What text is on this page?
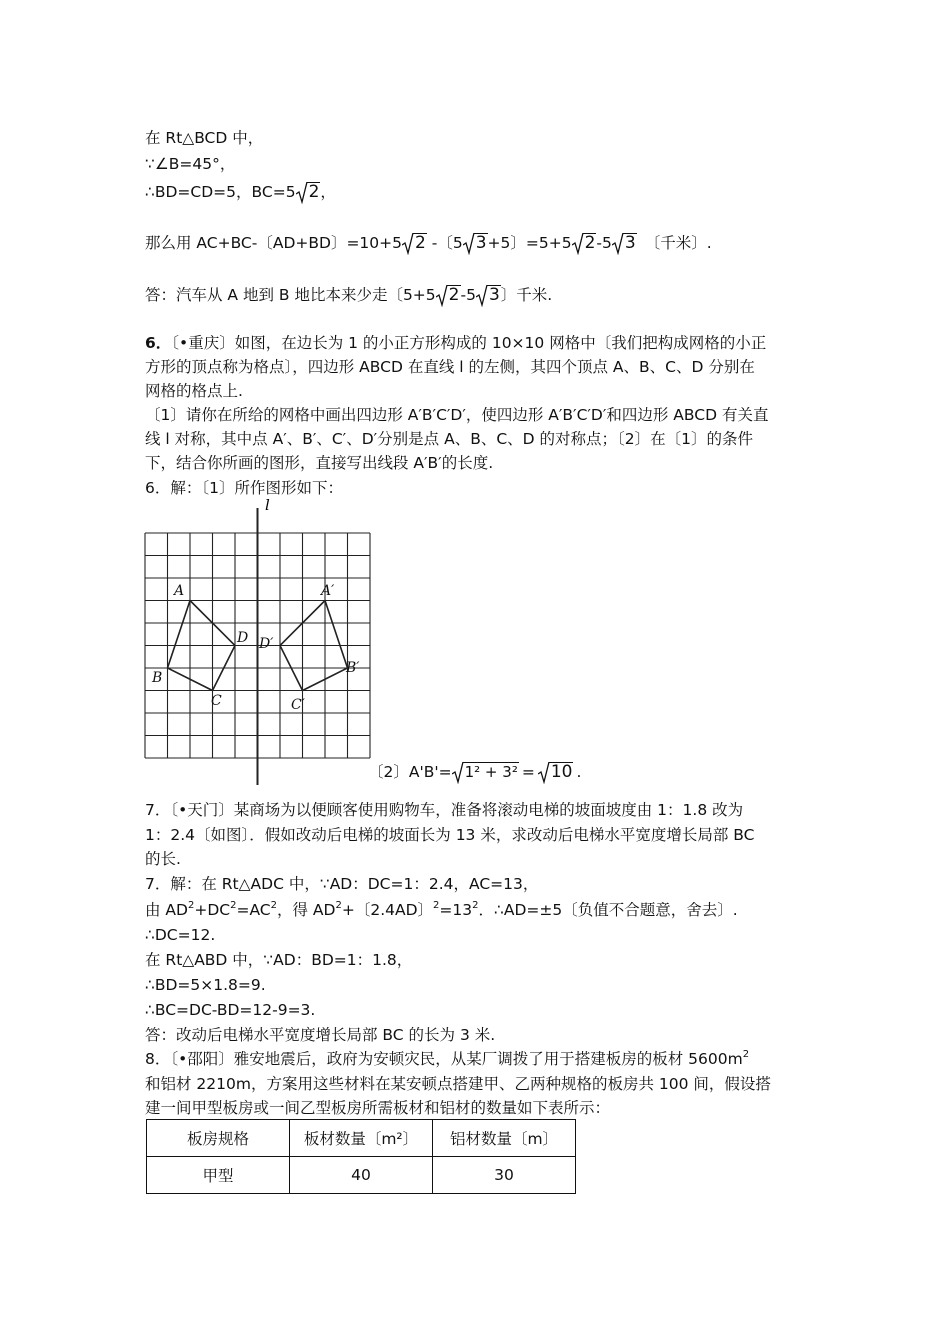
在 Rt△BCD 中，
∵∠B=45°，
∴BD=CD=5，BC=5 2，
那么用 AC+BC-〔AD+BD〕=10+5 2 -〔5 3+5〕=5+5 2-5 3 〔千米〕.
答：汽车从 A 地到 B 地比本来少走〔5+5 2-5 3〕千米.
6．〔•重庆〕如图，在边长为 1 的小正方形构成的 10×10 网格中〔我们把构成网格的小正
方形的顶点称为格点〕，四边形 ABCD 在直线 l 的左侧，其四个顶点 A、B、C、D 分别在
网格的格点上.
〔1〕请你在所给的网格中画出四边形 A′B′C′D′，使四边形 A′B′C′D′和四边形 ABCD 有关直
线 l 对称，其中点 A′、B′、C′、D′分别是点 A、B、C、D 的对称点；〔2〕在〔1〕的条件
下，结合你所画的图形，直接写出线段 A′B′的长度.
6．解：〔1〕所作图形如下：
l
A
B
C
D
A′
B′
C′
D′
〔2〕A'B'= 1² + 3² = 10 .
7．〔•天门〕某商场为以便顾客使用购物车，准备将滚动电梯的坡面坡度由 1：1.8 改为
1：2.4〔如图〕．假如改动后电梯的坡面长为 13 米，求改动后电梯水平宽度增长局部 BC
的长.
7．解：在 Rt△ADC 中，∵AD：DC=1：2.4，AC=13，
由 $AD^2+DC^2=AC^2$，得 $AD^2+$〔2.4AD〕$^2=13^2$．∴AD=±5〔负值不合题意，舍去〕.
∴DC=12.
在 Rt△ABD 中，∵AD：BD=1：1.8，
∴BD=5×1.8=9.
∴BC=DC-BD=12-9=3.
答：改动后电梯水平宽度增长局部 BC 的长为 3 米.
8．〔•邵阳〕雅安地震后，政府为安顿灾民，从某厂调拨了用于搭建板房的板材 $5600m^2$
和铝材 2210m，方案用这些材料在某安顿点搭建甲、乙两种规格的板房共 100 间，假设搭
建一间甲型板房或一间乙型板房所需板材和铝材的数量如下表所示：
板房规格	板材数量〔m²〕	铝材数量〔m〕
甲型	40	30
